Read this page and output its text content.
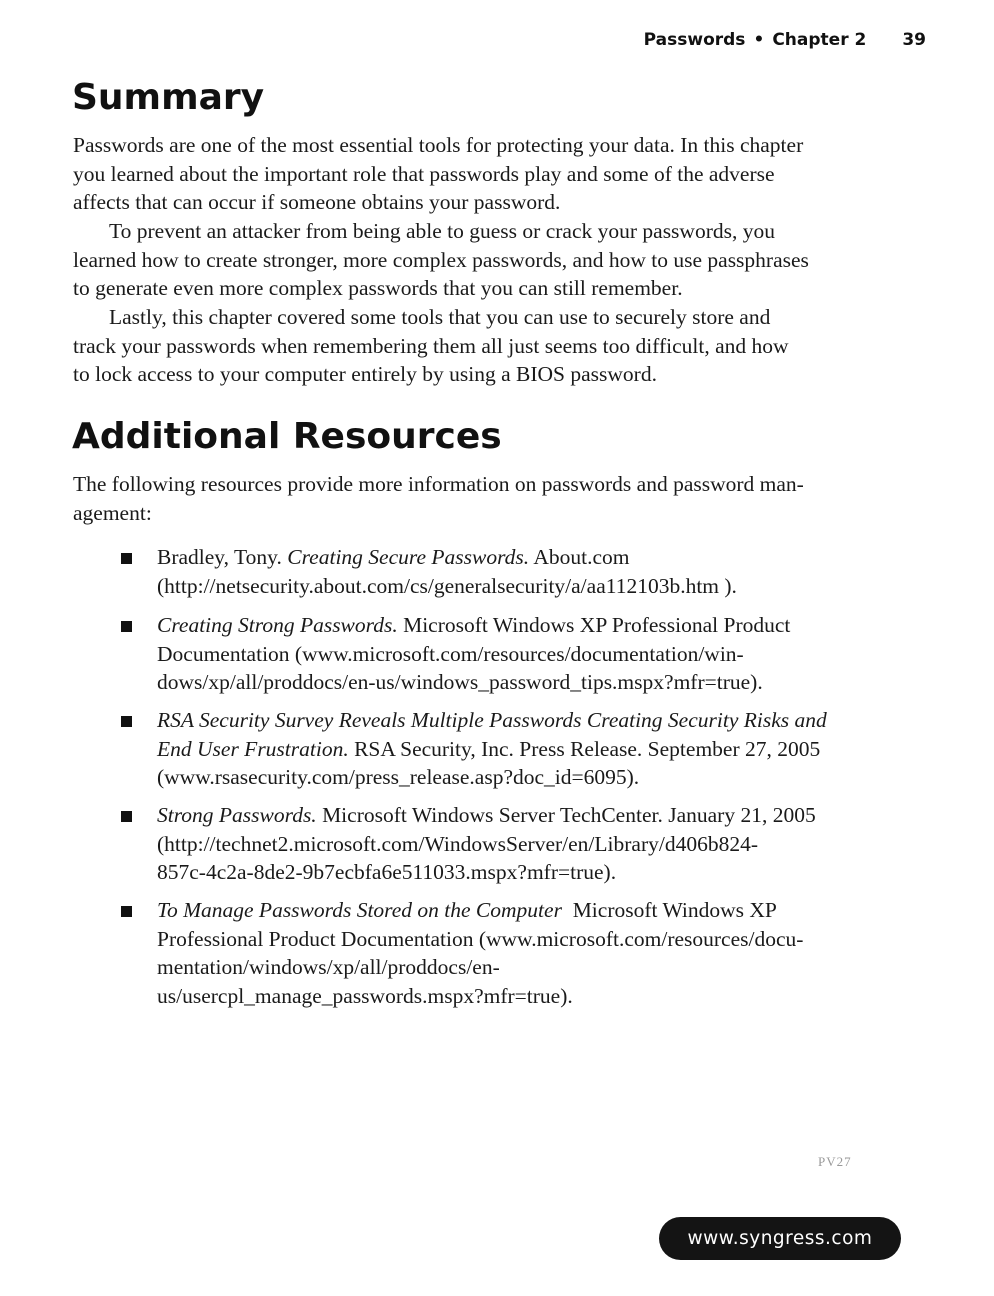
Passwords • Chapter 2 39
Summary
Passwords are one of the most essential tools for protecting your data. In this chapter
you learned about the important role that passwords play and some of the adverse
affects that can occur if someone obtains your password.
To prevent an attacker from being able to guess or crack your passwords, you
learned how to create stronger, more complex passwords, and how to use passphrases
to generate even more complex passwords that you can still remember.
Lastly, this chapter covered some tools that you can use to securely store and
track your passwords when remembering them all just seems too difficult, and how
to lock access to your computer entirely by using a BIOS password.
Additional Resources
The following resources provide more information on passwords and password man-
agement:
Bradley, Tony. Creating Secure Passwords. About.com
(http://netsecurity.about.com/cs/generalsecurity/a/aa112103b.htm ).
Creating Strong Passwords. Microsoft Windows XP Professional Product
Documentation (www.microsoft.com/resources/documentation/win-
dows/xp/all/proddocs/en-us/windows_password_tips.mspx?mfr=true).
RSA Security Survey Reveals Multiple Passwords Creating Security Risks and
End User Frustration. RSA Security, Inc. Press Release. September 27, 2005
(www.rsasecurity.com/press_release.asp?doc_id=6095).
Strong Passwords. Microsoft Windows Server TechCenter. January 21, 2005
(http://technet2.microsoft.com/WindowsServer/en/Library/d406b824-
857c-4c2a-8de2-9b7ecbfa6e511033.mspx?mfr=true).
To Manage Passwords Stored on the Computer  Microsoft Windows XP
Professional Product Documentation (www.microsoft.com/resources/docu-
mentation/windows/xp/all/proddocs/en-
us/usercpl_manage_passwords.mspx?mfr=true).
PV27
www.syngress.com
